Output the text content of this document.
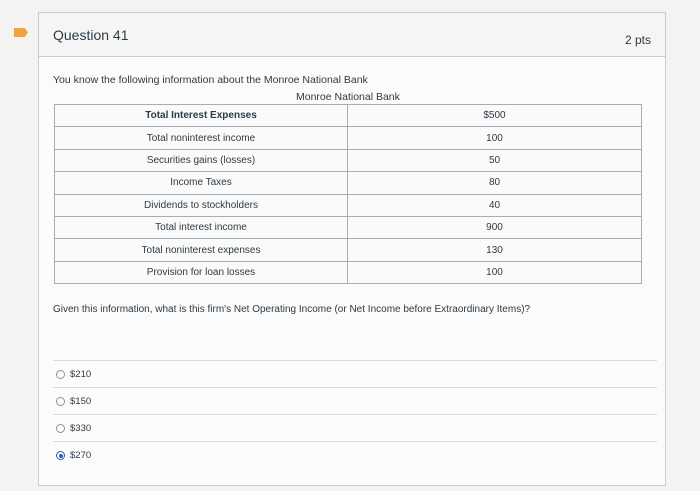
Question 41	2 pts
You know the following information about the Monroe National Bank
Monroe National Bank
Total Interest Expenses	$500
Total noninterest income	100
Securities gains (losses)	50
Income Taxes	80
Dividends to stockholders	40
Total interest income	900
Total noninterest expenses	130
Provision for loan losses	100
Given this information, what is this firm's Net Operating Income (or Net Income before Extraordinary Items)?
$210
$150
$330
$270
